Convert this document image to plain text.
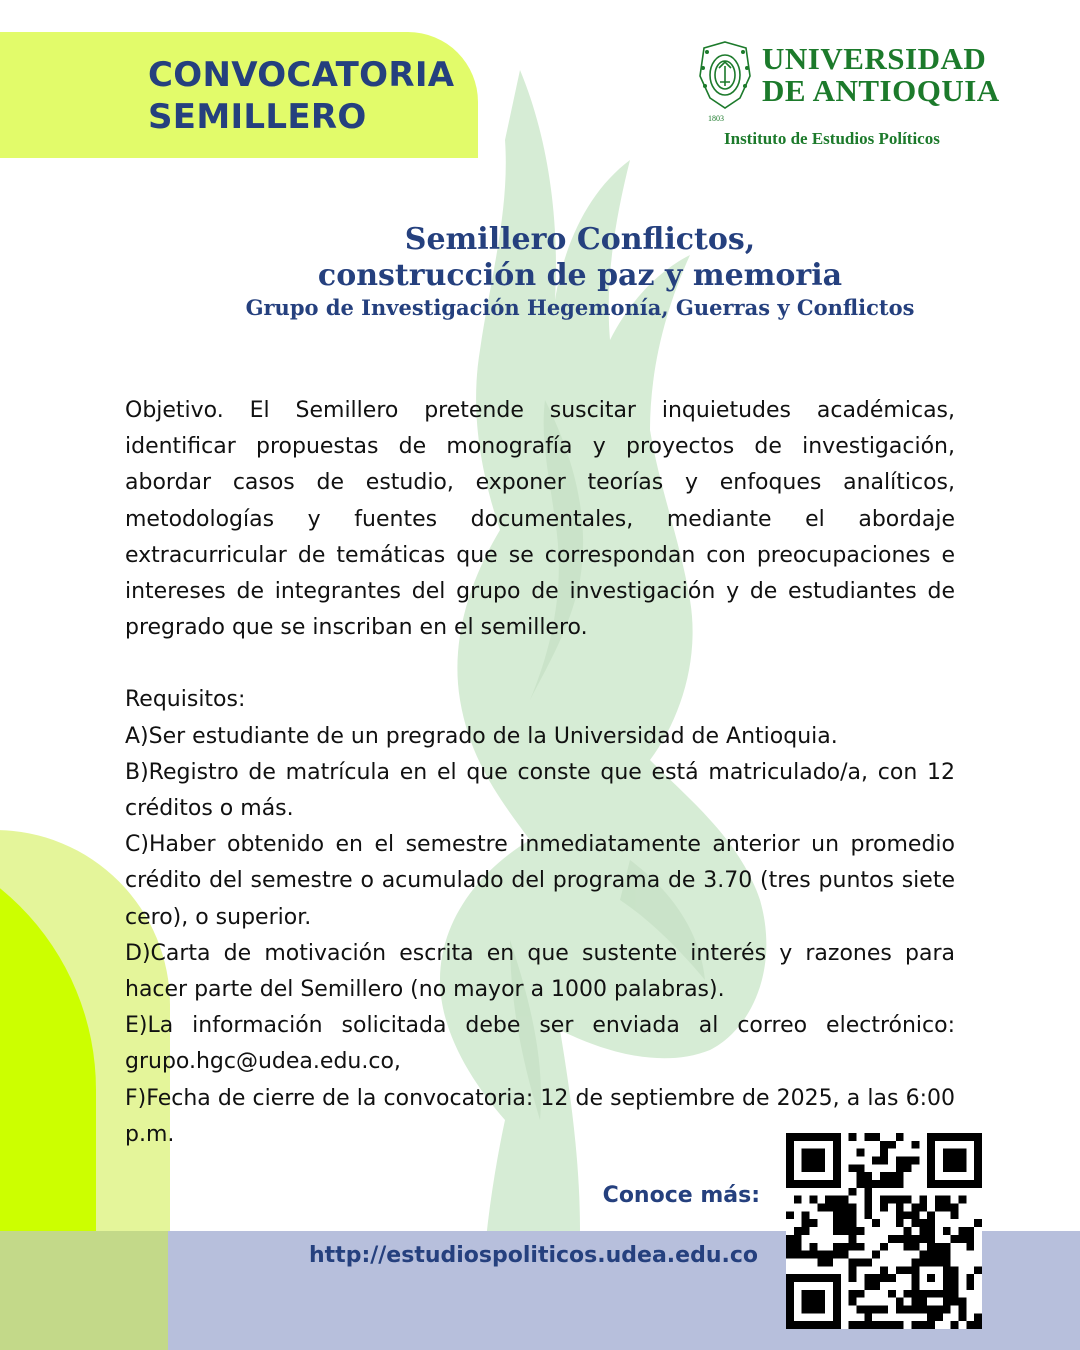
CONVOCATORIA
SEMILLERO
UNIVERSIDAD
DE ANTIOQUIA
1803
Instituto de Estudios Políticos

Semillero Conflictos,

construcción de paz y memoria

Grupo de Investigación Hegemonía, Guerras y Conflictos

Objetivo. El Semillero pretende suscitar inquietudes académicas, identificar propuestas de monografía y proyectos de investigación, abordar casos de estudio, exponer teorías y enfoques analíticos, metodologías y fuentes documentales, mediante el abordaje extracurricular de temáticas que se correspondan con preocupaciones e intereses de integrantes del grupo de investigación y de estudiantes de pregrado que se inscriban en el semillero.

Requisitos:

A)Ser estudiante de un pregrado de la Universidad de Antioquia.

B)Registro de matrícula en el que conste que está matriculado/a, con 12 créditos o más.

C)Haber obtenido en el semestre inmediatamente anterior un promedio crédito del semestre o acumulado del programa de 3.70 (tres puntos siete cero), o superior.

D)Carta de motivación escrita en que sustente interés y razones para hacer parte del Semillero (no mayor a 1000 palabras).

E)La información solicitada debe ser enviada al correo electrónico: grupo.hgc@udea.edu.co,

F)Fecha de cierre de la convocatoria: 12 de septiembre de 2025, a las 6:00 p.m.

Conoce más:
http://estudiospoliticos.udea.edu.co
